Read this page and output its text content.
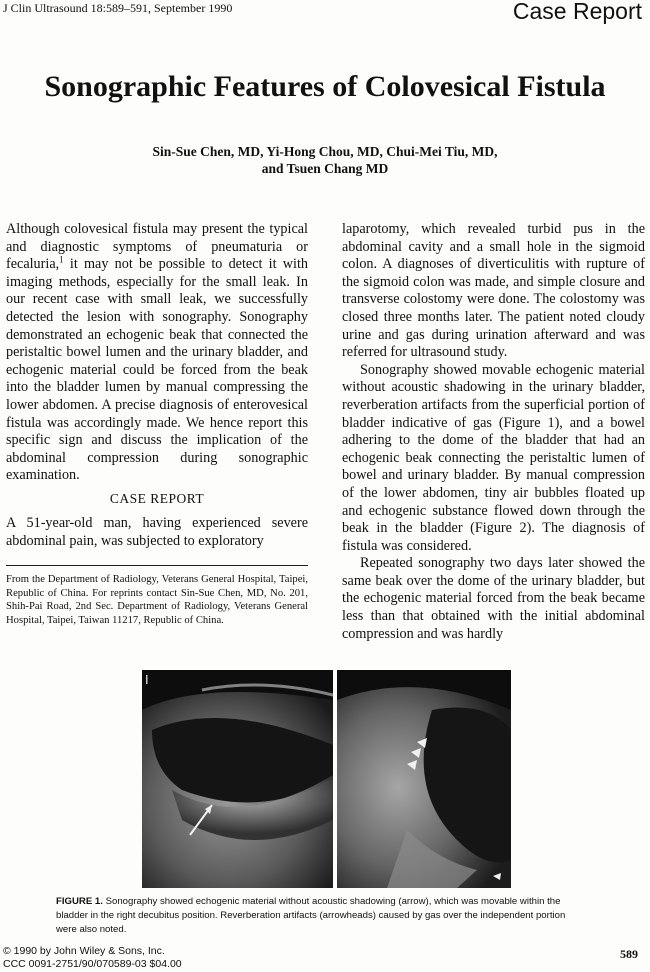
J Clin Ultrasound 18:589–591, September 1990	Case Report
Sonographic Features of Colovesical Fistula
Sin-Sue Chen, MD, Yi-Hong Chou, MD, Chui-Mei Tiu, MD,
and Tsuen Chang MD

Although colovesical fistula may present the typical and diagnostic symptoms of pneumaturia or fecaluria,$^1$ it may not be possible to detect it with imaging methods, especially for the small leak. In our recent case with small leak, we successfully detected the lesion with sonography. Sonography demonstrated an echogenic beak that connected the peristaltic bowel lumen and the urinary bladder, and echogenic material could be forced from the beak into the bladder lumen by manual compressing the lower abdomen. A precise diagnosis of enterovesical fistula was accordingly made. We hence report this specific sign and discuss the implication of the abdominal compression during sonographic examination.

CASE REPORT

A 51-year-old man, having experienced severe abdominal pain, was subjected to exploratory

From the Department of Radiology, Veterans General Hospital, Taipei, Republic of China. For reprints contact Sin-Sue Chen, MD, No. 201, Shih-Pai Road, 2nd Sec. Department of Radiology, Veterans General Hospital, Taipei, Taiwan 11217, Republic of China.

laparotomy, which revealed turbid pus in the abdominal cavity and a small hole in the sigmoid colon. A diagnoses of diverticulitis with rupture of the sigmoid colon was made, and simple closure and transverse colostomy were done. The colostomy was closed three months later. The patient noted cloudy urine and gas during urination afterward and was referred for ultrasound study.

Sonography showed movable echogenic material without acoustic shadowing in the urinary bladder, reverberation artifacts from the superficial portion of bladder indicative of gas (Figure 1), and a bowel adhering to the dome of the bladder that had an echogenic beak connecting the peristaltic lumen of bowel and urinary bladder. By manual compression of the lower abdomen, tiny air bubbles floated up and echogenic substance flowed down through the beak in the bladder (Figure 2). The diagnosis of fistula was considered.

Repeated sonography two days later showed the same beak over the dome of the urinary bladder, but the echogenic material forced from the beak became less than that obtained with the initial abdominal compression and was hardly

I
FIGURE 1. Sonography showed echogenic material without acoustic shadowing (arrow), which was movable within the bladder in the right decubitus position. Reverberation artifacts (arrowheads) caused by gas over the independent portion were also noted.
© 1990 by John Wiley & Sons, Inc.
CCC 0091-2751/90/070589-03 $04.00
589
